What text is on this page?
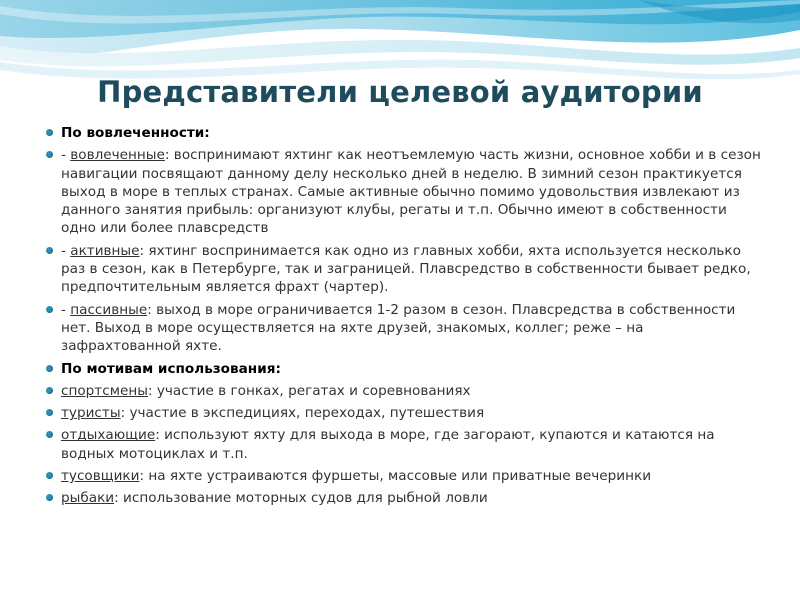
Представители целевой аудитории
По вовлеченности:
- вовлеченные: воспринимают яхтинг как неотъемлемую часть жизни, основное хобби и в сезон навигации посвящают данному делу несколько дней в неделю. В зимний сезон практикуется выход в море в теплых странах. Самые активные обычно помимо удовольствия извлекают из данного занятия прибыль: организуют клубы, регаты и т.п. Обычно имеют в собственности одно или более плавсредств
- активные: яхтинг воспринимается как одно из главных хобби, яхта используется несколько раз в сезон, как в Петербурге, так и заграницей. Плавсредство в собственности бывает редко, предпочтительным является фрахт (чартер).
- пассивные: выход в море ограничивается 1-2 разом в сезон. Плавсредства в собственности нет. Выход в море осуществляется на яхте друзей, знакомых, коллег; реже – на зафрахтованной яхте.
По мотивам использования:
спортсмены: участие в гонках, регатах и соревнованиях
туристы: участие в экспедициях, переходах, путешествия
отдыхающие: используют яхту для выхода в море, где загорают, купаются и катаются на водных мотоциклах и т.п.
тусовщики: на яхте устраиваются фуршеты, массовые или приватные вечеринки
рыбаки: использование моторных судов для рыбной ловли
